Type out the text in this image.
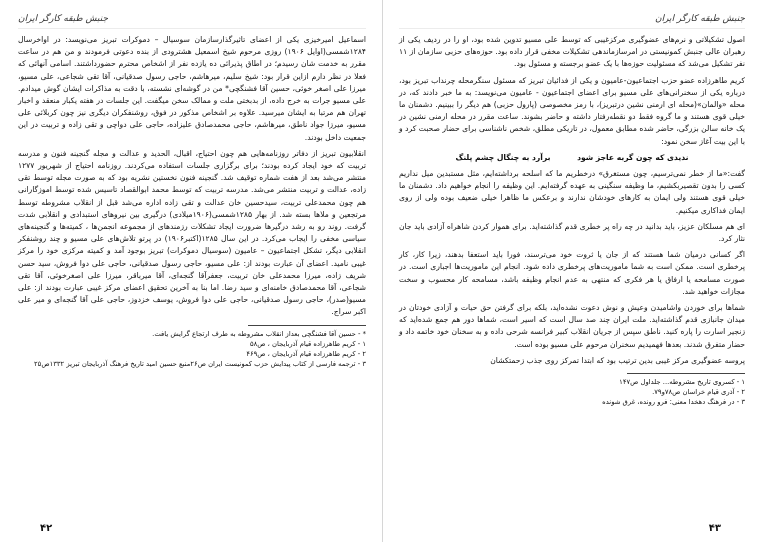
جنبش طبقه کارگر ایران

اسماعیل امیرخیزی یکی از اعضای تاثیرگذارسازمان سوسیال – دموکرات تبریز می‌نویسد: در اواخرسال ۱۲۸۴شمسی(اوایل ۱۹۰۶) روزی مرحوم شیخ اسمعیل هشترودی از بنده دعوتی فرمودند و من هم در ساعت مقرر به خدمت شان رسیدم؛ در اطاق پذیرائی ده یازده نفر از اشخاص محترم حضورداشتند. اسامی آنهائی که فعلا در نظر دارم ازاین قرار بود: شیخ سلیم، میرهاشم، حاجی رسول صدقیانی، آقا تقی شجاعی، علی مسیو، میرزا علی اصغر خوئی، حسین آقا فشنگچی* من در گوشه‌ای نشسته، با دقت به مذاکرات ایشان گوش میدادم. علی مسیو جرات به خرج داده، از بدبختی ملت و ممالک سخن میگفت. این جلسات در هفته یکبار منعقد و اخبار تهران هم مرتبا به ایشان میرسید. علاوه بر اشخاص مذکور در فوق، روشنفکران دیگری نیز چون کربلائی علی مسیو، میرزا جواد ناطق، میرهاشم، حاجی محمدصادق علیزاده، حاجی علی دواچی و تقی زاده و تربیت در این جمعیت داخل بودند.

انقلابیون تبریز از دفاتر روزنامه‌هایی هم چون احتیاج، اقبال، الحدید و عدالت و مجله گنجینه فنون و مدرسه تربیت که خود ایجاد کرده بودند؛ برای برگزاری جلسات استفاده می‌کردند. روزنامه احتیاج از شهریور ۱۲۷۷ منتشر می‌شد بعد از هفت شماره توقیف شد. گنجینه فنون نخستین نشریه بود که به صورت مجله توسط تقی زاده، عدالت و تربیت منتشر می‌شد. مدرسه تربیت که توسط محمد ابوالقصاد تاسیس شده توسط اموزگارانی هم چون محمدعلی تربیت، سیدحسین خان عدالت و تقی زاده اداره می‌شد قبل از انقلاب مشروطه توسط مرتجعین و ملاها بسته شد. از بهار ۱۲۸۵شمسی(۱۹۰۶میلادی) درگیری بین نیروهای استبدادی و انقلابی شدت گرفت. روند رو به رشد درگیرها ضرورت ایجاد تشکلات رزمندهای از مجموعه انجمن‌ها ، کمیته‌ها و گنجینه‌های سیاسی مخفی را ایجاب می‌کرد. در این سال ۱۲۸۵(اکتبر۱۹۰۶) در پرتو تلاش‌های علی مسیو و چند روشنفکر انقلابی دیگر، تشکل اجتماعیون – عامیون (سوسیال دموکرات) تبریز بوجود آمد و کمیته مرکزی خود را مرکز غیبی نامید. اعضای آن عبارت بودند از: علی مسیو، حاجی رسول صدقیانی، حاجی علی دوا فروش، سید حسن شریف زاده، میرزا محمدعلی خان تربیت، جعفرآقا گنجه‌ای، آقا میرباقر، میرزا علی اصغرخوئی، آقا تقی شجاعی، آقا محمدصادق خامنه‌ای و سید رضا. اما بنا به آخرین تحقیق اعضای مرکز غیبی عبارت بودند از: علی مسیو(صدر)، حاجی رسول صدقیانی، حاجی علی دوا فروش، یوسف خزدوز، حاجی علی آقا گنجه‌ای و میر علی اکبر سراج.

* - حسین آقا فشنگچی بعداز انقلاب مشروطه به طرف ارتجاع گرایش یافت.
۱ - کریم طاهرزاده قیام آذربایجان ، ص۵۸
۲ - کریم طاهرزاده قیام آذربایجان ، ص۴۶۹
۳ - ترجمه فارسی از کتاب پیدایش حزب کمونیست ایران ص۲۶منبع حسین امید تاریخ فرهنگ آذربایجان تبریز ۱۳۳۲ص۲۵
۴۲
جنبش طبقه کارگر ایران

اصول تشکیلاتی و نرم‌های عضوگیری مرکزغیبی که توسط علی مسیو تدوین شده بود، او را در ردیف یکی از رهبران عالی جنبش کمونیستی در امرسازماندهی تشکیلات مخفی قرار داده بود. حوزه‌های حزبی سازمان از ۱۱ نفر تشکیل می‌شد که مسئولیت حوزه‌ها با یک عضو برجسته و مسئول بود.

کریم طاهرزاده عضو حزب اجتماعیون-عامیون و یکی از فدائیان تبریز که مسئول سنگرمحله چرنداب تبریز بود، درباره یکی از سخنرانی‌های علی مسیو برای اعضای اجتماعیون - عامیون می‌نویسد: به ما خبر دادند که، در محله «والمان»(محله ای ارمنی نشین درتبریز)، با رمز مخصوصی (پارول حزبی) هم دیگر را ببینیم. دشمنان ما خیلی قوی هستند و ما گروه فقط دو نقطه‌رفتار داشته و حاضر بشوند. ساعت مقرر در محله ارمنی نشین در یک خانه سالن بزرگی، حاضر شده مطابق معمول، در تاریکی مطلق، شخص ناشناسی برای حضار صحبت کرد و با این بیت آغاز سخن نمود:

ندیدی که چون گربه عاجز شود برآرد به چنگال چشم پلنگ

گفت:«ما از خطر نمی‌ترسیم، چون مستغرق» درخطریم ما که اسلحه برداشته‌ایم، مثل مستبدین میل نداریم کسی را بدون تقصیربکشیم، ما وظیفه سنگینی به عهده گرفته‌ایم. این وظیفه را انجام خواهیم داد. دشمنان ما خیلی قوی هستند ولی ایمان به کارهای خودشان ندارند و برعکس ما ظاهرا خیلی ضعیف بوده ولی از روی ایمان فداکاری میکنیم.

ای هم مسلکان عزیز، باید بدانید در چه راه پر خطری قدم گذاشته‌اید. برای هموار کردن شاهراه آزادی باید جان نثار کرد.

اگر کسانی درمیان شما هستند که از جان یا ثروت خود می‌ترسند، فورا باید استعفا بدهند، زیرا کار، کار پرخطری است. ممکن است به شما ماموریت‌های پرخطری داده شود. انجام این ماموریت‌ها اجباری است. در صورت مسامحه یا ارفاق یا هر فکری که منتهی به عدم انجام وظیفه باشد، مسامحه کار محسوب و سخت مجازات خواهید شد.

شماها برای خوردن واشامیدن وعیش و نوش دعوت نشده‌اید، بلکه برای گرفتن حق حیات و آزادی خودتان در میدان جانبازی قدم گذاشته‌اید. ملت ایران چند صد سال است که اسیر است، شماها دور هم جمع شده‌اید که زنجیر اسارت را پاره کنید. ناطق سپس از جریان انقلاب کبیر فرانسه شرحی داده و به سخنان خود خاتمه داد و حضار متفرق شدند. بعدها فهمیدیم سخنران مرحوم علی مسیو بوده است.

پروسه عضوگیری مرکز غیبی بدین ترتیب بود که ابتدا تمرکز روی جذب زحمتکشان

۱ - کسروی تاریخ مشروطه... جلداول ص۱۴۷
۲ - آذری قیام خراسان ص۷۸و۷۹.
۳ - در فرهنگ دهخدا معنی: فرو رونده، غرق شونده
۴۳
